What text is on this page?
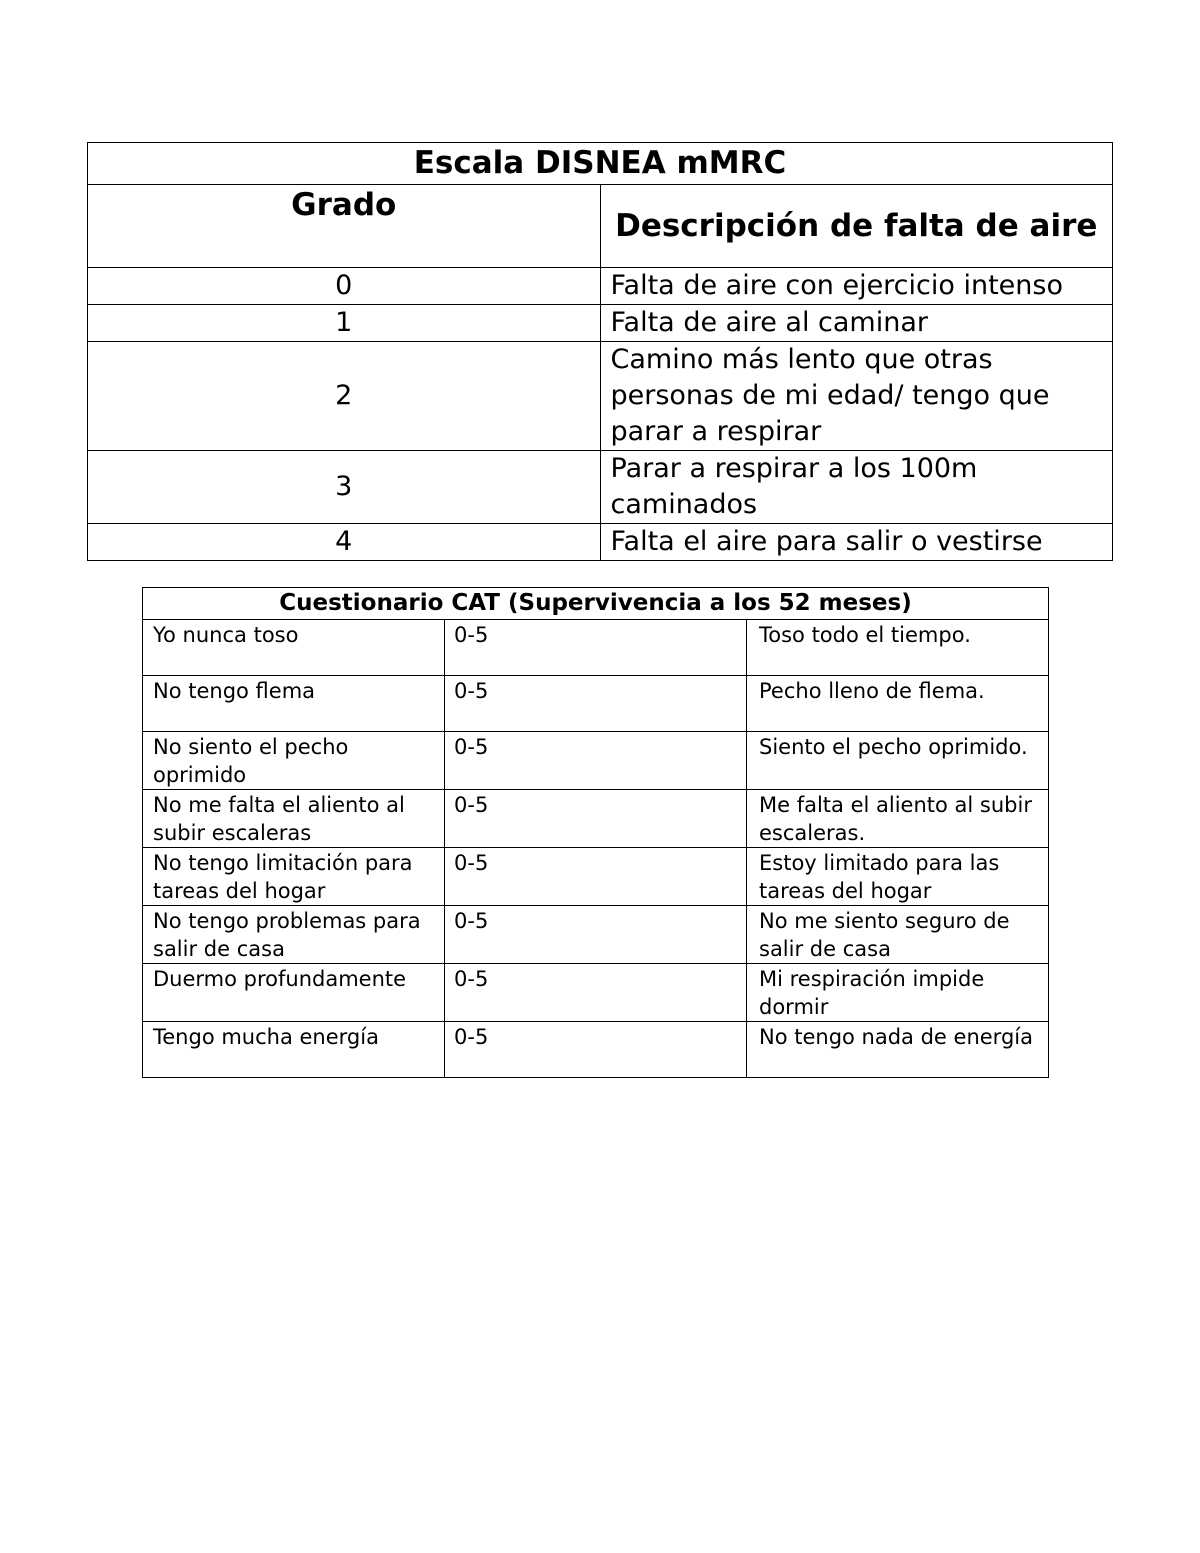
Escala DISNEA mMRC	
Grado	Descripción de falta de aire
0	Falta de aire con ejercicio intenso
1	Falta de aire al caminar
2	Camino más lento que otras personas de mi edad/ tengo que parar a respirar
3	Parar a respirar a los 100m caminados
4	Falta el aire para salir o vestirse
Cuestionario CAT (Supervivencia a los 52 meses)		
Yo nunca toso	0-5	Toso todo el tiempo.
No tengo flema	0-5	Pecho lleno de flema.
No siento el pecho oprimido	0-5	Siento el pecho oprimido.
No me falta el aliento al subir escaleras	0-5	Me falta el aliento al subir escaleras.
No tengo limitación para tareas del hogar	0-5	Estoy limitado para las tareas del hogar
No tengo problemas para salir de casa	0-5	No me siento seguro de salir de casa
Duermo profundamente	0-5	Mi respiración impide dormir
Tengo mucha energía	0-5	No tengo nada de energía
